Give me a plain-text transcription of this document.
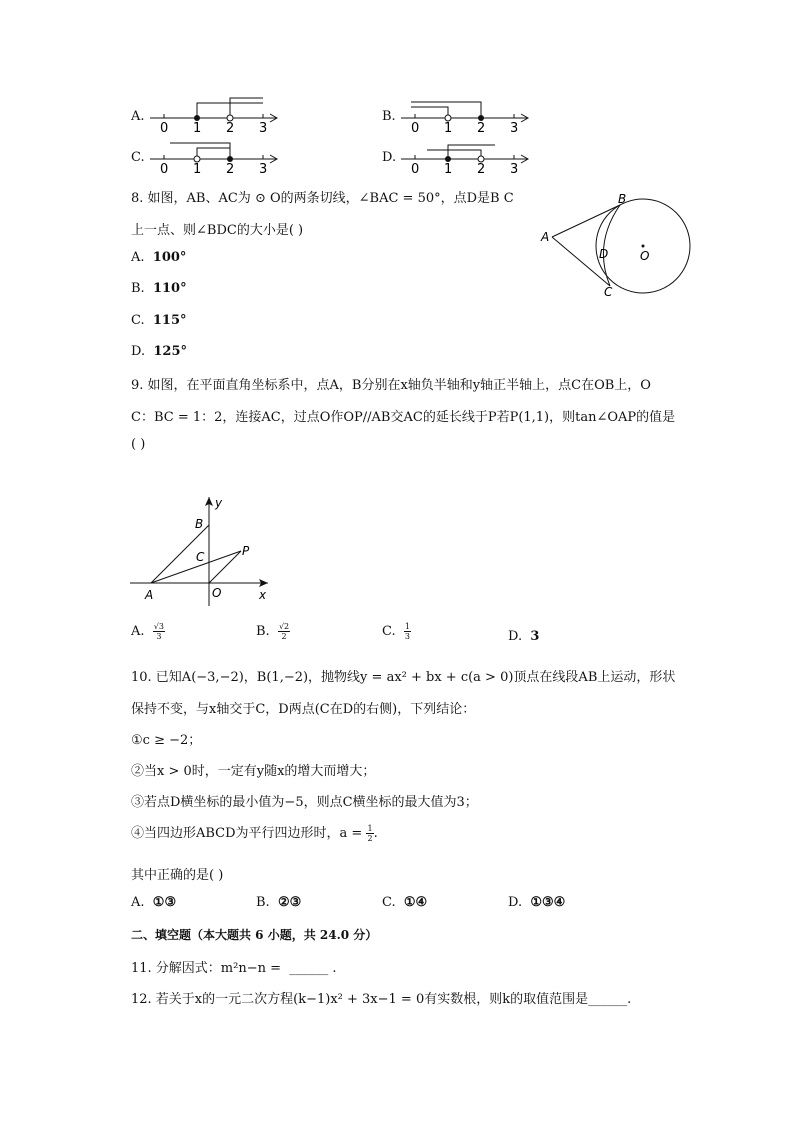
A.
0 1 2 3
B.
0 1 2 3
C.
0 1 2 3
D.
0 1 2 3
8. 如图，AB、AC为 ⊙ O的两条切线，∠BAC = 50°，点D是B C
上一点、则∠BDC的大小是( )
A. 100°
B. 110°
C. 115°
D. 125°
A
B
D	O
C
9. 如图，在平面直角坐标系中，点A，B分别在x轴负半轴和y轴正半轴上，点C在OB上，O
C：BC = 1：2，连接AC，过点O作OP//AB交AC的延长线于P若P(1,1)，则tan∠OAP的值是
( )
y
B
C	P
A	O	x
A. $\frac{√3}{3}$	B. $\frac{√2}{2}$	C. $\frac{1}{3}$	D. 3
10. 已知A(−3,−2)，B(1,−2)，抛物线y = ax² + bx + c(a > 0)顶点在线段AB上运动，形状
保持不变，与x轴交于C，D两点(C在D的右侧)，下列结论：
①c ≥ −2；
②当x > 0时，一定有y随x的增大而增大；
③若点D横坐标的最小值为−5，则点C横坐标的最大值为3；
④当四边形ABCD为平行四边形时，$a = \frac{1}{2}$ .
其中正确的是( )
A. ①③	B. ②③	C. ①④	D. ①③④
二、填空题（本大题共 6 小题，共 24.0 分）
11. 分解因式：m²n−n = ______ .
12. 若关于x的一元二次方程(k−1)x² + 3x−1 = 0有实数根，则k的取值范围是______.
